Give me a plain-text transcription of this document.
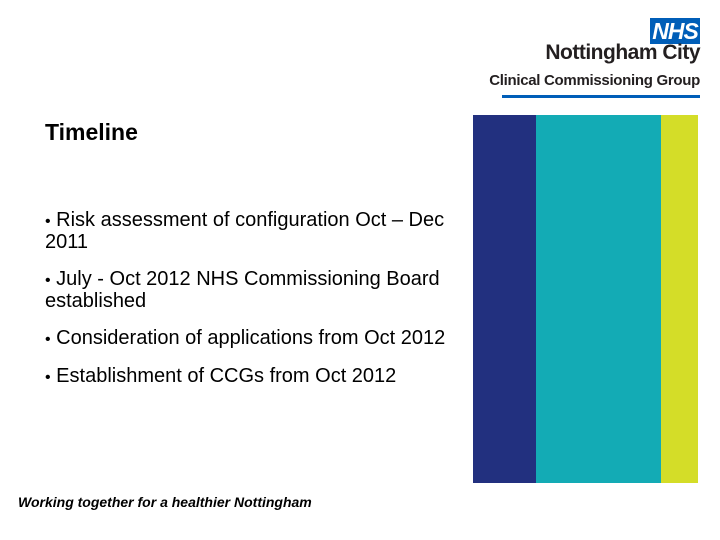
NHS
Nottingham City
Clinical Commissioning Group
Timeline
• Risk assessment of configuration Oct – Dec 2011
• July - Oct 2012 NHS Commissioning Board established
• Consideration of applications from Oct 2012
• Establishment of CCGs from Oct 2012
Working together for a healthier Nottingham
